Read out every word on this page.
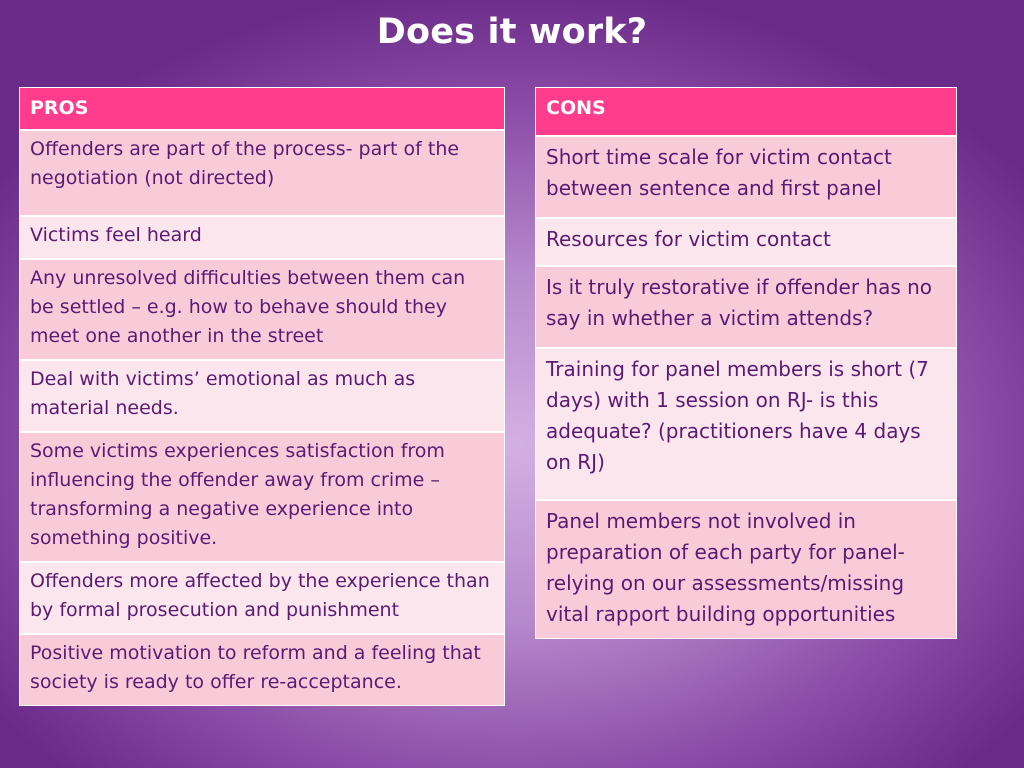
Does it work?
PROS
Offenders are part of the process- part of the negotiation (not directed)
Victims feel heard
Any unresolved difficulties between them can be settled – e.g. how to behave should they meet one another in the street
Deal with victims’ emotional as much as material needs.
Some victims experiences satisfaction from influencing the offender away from crime – transforming a negative experience into something positive.
Offenders more affected by the experience than by formal prosecution and punishment
Positive motivation to reform and a feeling that society is ready to offer re-acceptance.
CONS
Short time scale for victim contact between sentence and first panel
Resources for victim contact
Is it truly restorative if offender has no say in whether a victim attends?
Training for panel members is short (7 days) with 1 session on RJ- is this adequate? (practitioners have 4 days on RJ)
Panel members not involved in preparation of each party for panel- relying on our assessments/missing vital rapport building opportunities
